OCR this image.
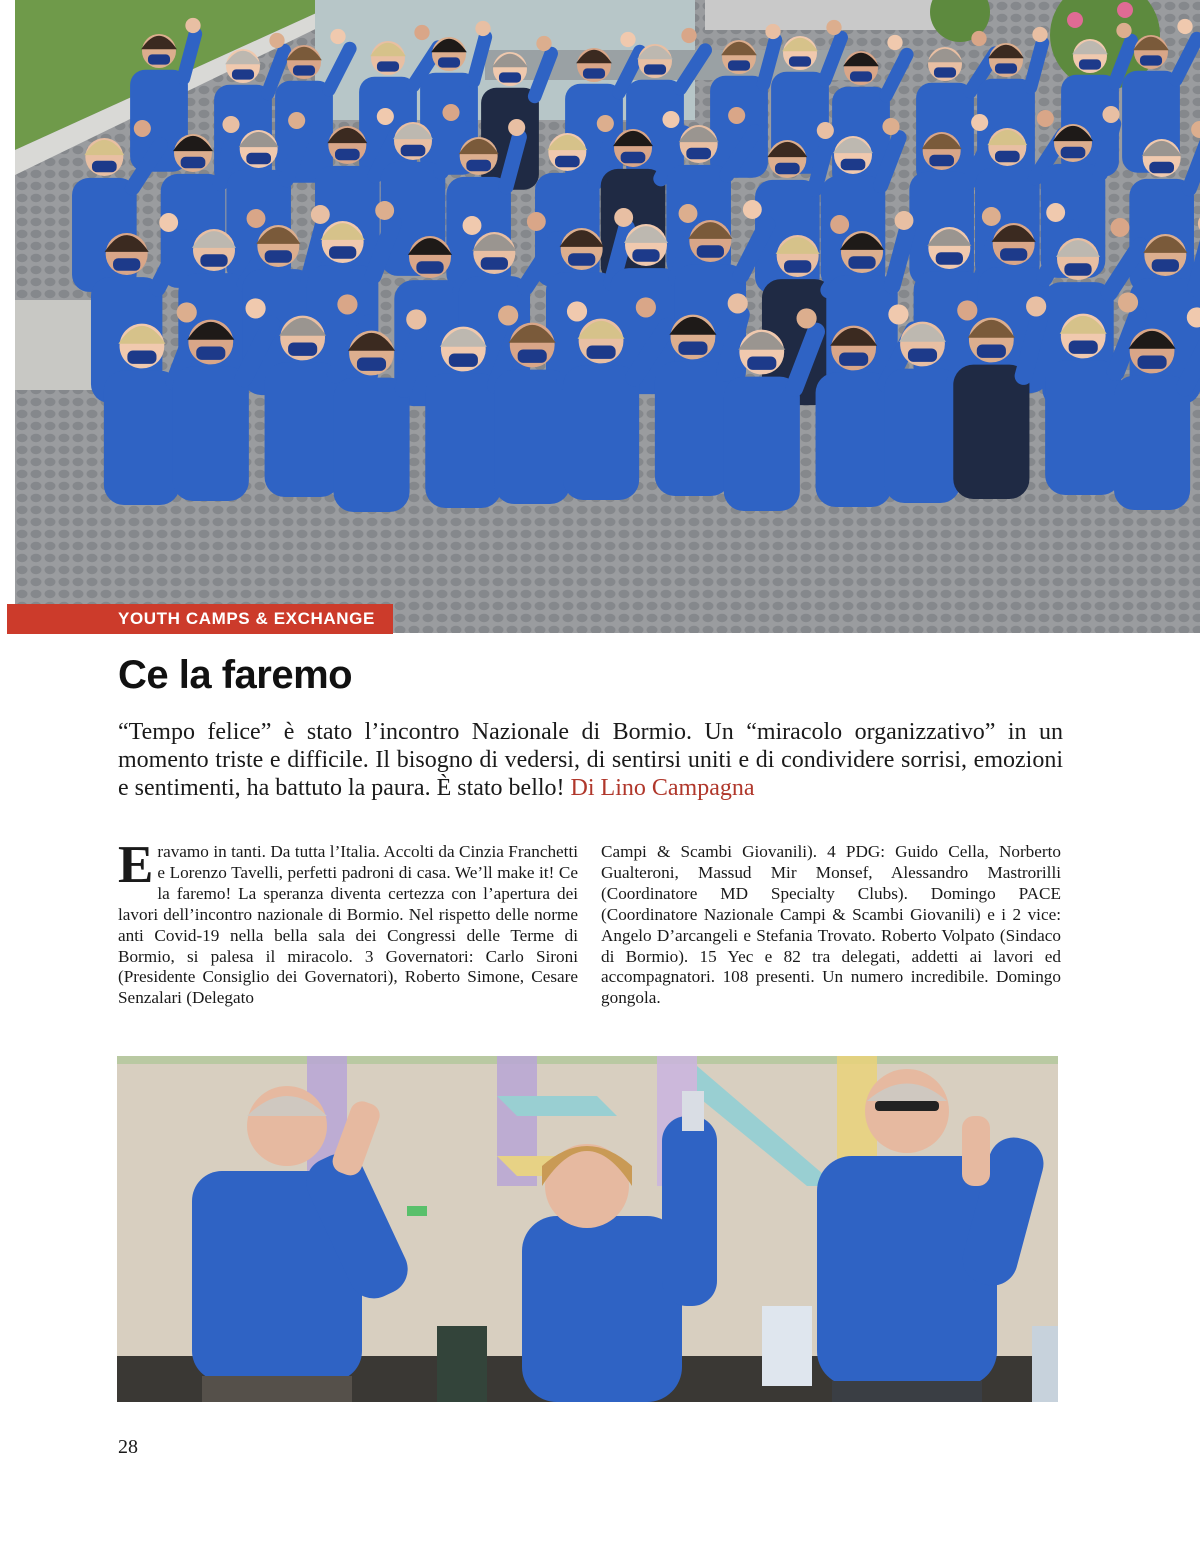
YOUTH CAMPS & EXCHANGE
Ce la faremo

“Tempo felice” è stato l’incontro Nazionale di Bormio. Un “miracolo organizzativo” in un momento triste e difficile. Il bisogno di vedersi, di sentirsi uniti e di condividere sorrisi, emozioni e sentimenti, ha battuto la paura. È stato bello! Di Lino Campagna

Eravamo in tanti. Da tutta l’Italia. Accolti da Cinzia Franchetti e Lorenzo Tavelli, perfetti padroni di casa. We’ll make it! Ce la faremo! La speranza diventa certezza con l’apertura dei lavori dell’incontro nazionale di Bormio. Nel rispetto delle norme anti Covid-19 nella bella sala dei Congressi delle Terme di Bormio, si palesa il miracolo. 3 Governatori: Carlo Sironi (Presidente Consiglio dei Governatori), Roberto Simone, Cesare Senzalari (Delegato

Campi & Scambi Giovanili). 4 PDG: Guido Cella, Norberto Gualteroni, Massud Mir Monsef, Alessandro Mastrorilli (Coordinatore MD Specialty Clubs). Domingo PACE (Coordinatore Nazionale Campi & Scambi Giovanili) e i 2 vice: Angelo D’arcangeli e Stefania Trovato. Roberto Volpato (Sindaco di Bormio). 15 Yec e 82 tra delegati, addetti ai lavori ed accompagnatori. 108 presenti. Un numero incredibile. Domingo gongola.

28
